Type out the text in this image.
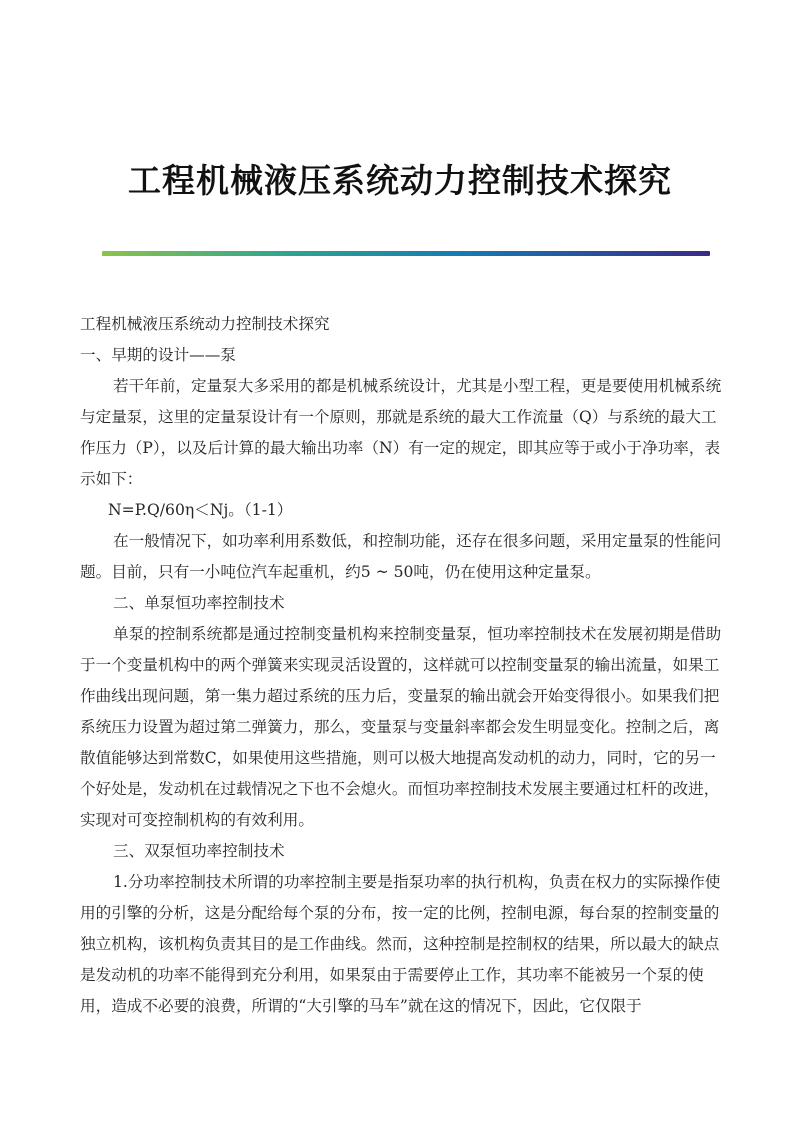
工程机械液压系统动力控制技术探究

工程机械液压系统动力控制技术探究

一、早期的设计——泵

若干年前，定量泵大多采用的都是机械系统设计，尤其是小型工程，更是要使用机械系统与定量泵，这里的定量泵设计有一个原则，那就是系统的最大工作流量（Q）与系统的最大工作压力（P），以及后计算的最大输出功率（N）有一定的规定，即其应等于或小于净功率，表示如下：

N=P.Q/60η＜Nj。（1-1）

在一般情况下，如功率利用系数低，和控制功能，还存在很多问题，采用定量泵的性能问题。目前，只有一小吨位汽车起重机，约5 ~ 50吨，仍在使用这种定量泵。

二、单泵恒功率控制技术

单泵的控制系统都是通过控制变量机构来控制变量泵，恒功率控制技术在发展初期是借助于一个变量机构中的两个弹簧来实现灵活设置的，这样就可以控制变量泵的输出流量，如果工作曲线出现问题，第一集力超过系统的压力后，变量泵的输出就会开始变得很小。如果我们把系统压力设置为超过第二弹簧力，那么，变量泵与变量斜率都会发生明显变化。控制之后，离散值能够达到常数C，如果使用这些措施，则可以极大地提高发动机的动力，同时，它的另一个好处是，发动机在过载情况之下也不会熄火。而恒功率控制技术发展主要通过杠杆的改进，实现对可变控制机构的有效利用。

三、双泵恒功率控制技术

1.分功率控制技术所谓的功率控制主要是指泵功率的执行机构，负责在权力的实际操作使用的引擎的分析，这是分配给每个泵的分布，按一定的比例，控制电源，每台泵的控制变量的独立机构，该机构负责其目的是工作曲线。然而，这种控制是控制权的结果，所以最大的缺点是发动机的功率不能得到充分利用，如果泵由于需要停止工作，其功率不能被另一个泵的使用，造成不必要的浪费，所谓的“大引擎的马车”就在这的情况下，因此，它仅限于
